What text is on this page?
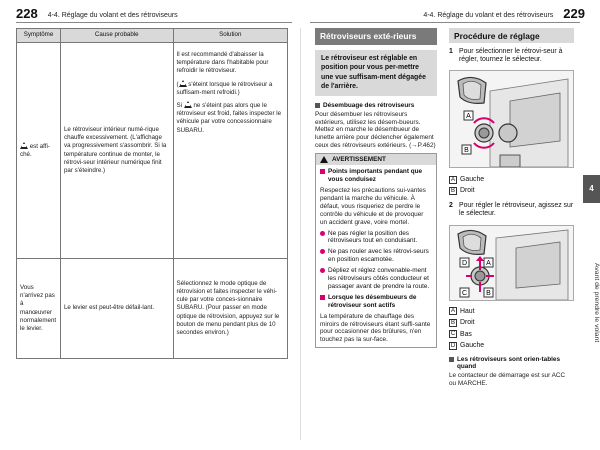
228 4-4. Réglage du volant et des rétroviseurs	4-4. Réglage du volant et des rétroviseurs 229
Symptôme	Cause probable	Solution
est affi-ché.	Le rétroviseur intérieur numé-rique chauffe excessivement. (L'affichage va progressivement s'assombrir. Si la température continue de monter, le rétrovi-seur intérieur numérique finit par s'éteindre.)	Il est recommandé d'abaisser la température dans l'habitable pour refroidir le rétroviseur.
( s'éteint lorsque le rétroviseur a suffisam-ment refroidi.)
Si ne s'éteint pas alors que le rétroviseur est froid, faites inspecter le véhicule par votre concessionnaire SUBARU.

Vous n'arrivez pas à manœuvrer normalement le levier.	Le levier est peut-être défail-lant.	Sélectionnez le mode optique de rétrovision et faites inspecter le véhi-cule par votre conces-sionnaire SUBARU. (Pour passer en mode optique de rétrovision, appuyez sur le bouton de menu pendant plus de 10 secondes environ.)
Rétroviseurs exté-rieurs
Le rétroviseur est réglable en position pour vous per-mettre une vue suffisam-ment dégagée de l'arrière.
Désembuage des rétroviseurs
Pour désembuer les rétroviseurs extérieurs, utilisez les désem-bueurs. Mettez en marche le désembueur de lunette arrière pour déclencher également ceux des rétroviseurs extérieurs. (→P.462)
AVERTISSEMENT
Points importants pendant que vous conduisez
Respectez les précautions sui-vantes pendant la marche du véhicule. À défaut, vous risqueriez de perdre le contrôle du véhicule et de provoquer un accident grave, voire mortel.
Ne pas régler la position des rétroviseurs tout en conduisant.
Ne pas rouler avec les rétrovi-seurs en position escamotée.
Dépliez et réglez convenable-ment les rétroviseurs côtés conducteur et passager avant de prendre la route.
Lorsque les désembueurs de rétroviseur sont actifs
La température de chauffage des miroirs de rétroviseurs étant suffi-sante pour occasionner des brûlures, n'en touchez pas la sur-face.
Procédure de réglage
1 Pour sélectionner le rétrovi-seur à régler, tournez le sélecteur.
A
B
A Gauche
B Droit
2 Pour régler le rétroviseur, agissez sur le sélecteur.
D	A
C	B
A Haut
B Droit
C Bas
D Gauche
Les rétroviseurs sont orien-tables quand
Le contacteur de démarrage est sur ACC ou MARCHE.
4
Avant de prendre le volant
